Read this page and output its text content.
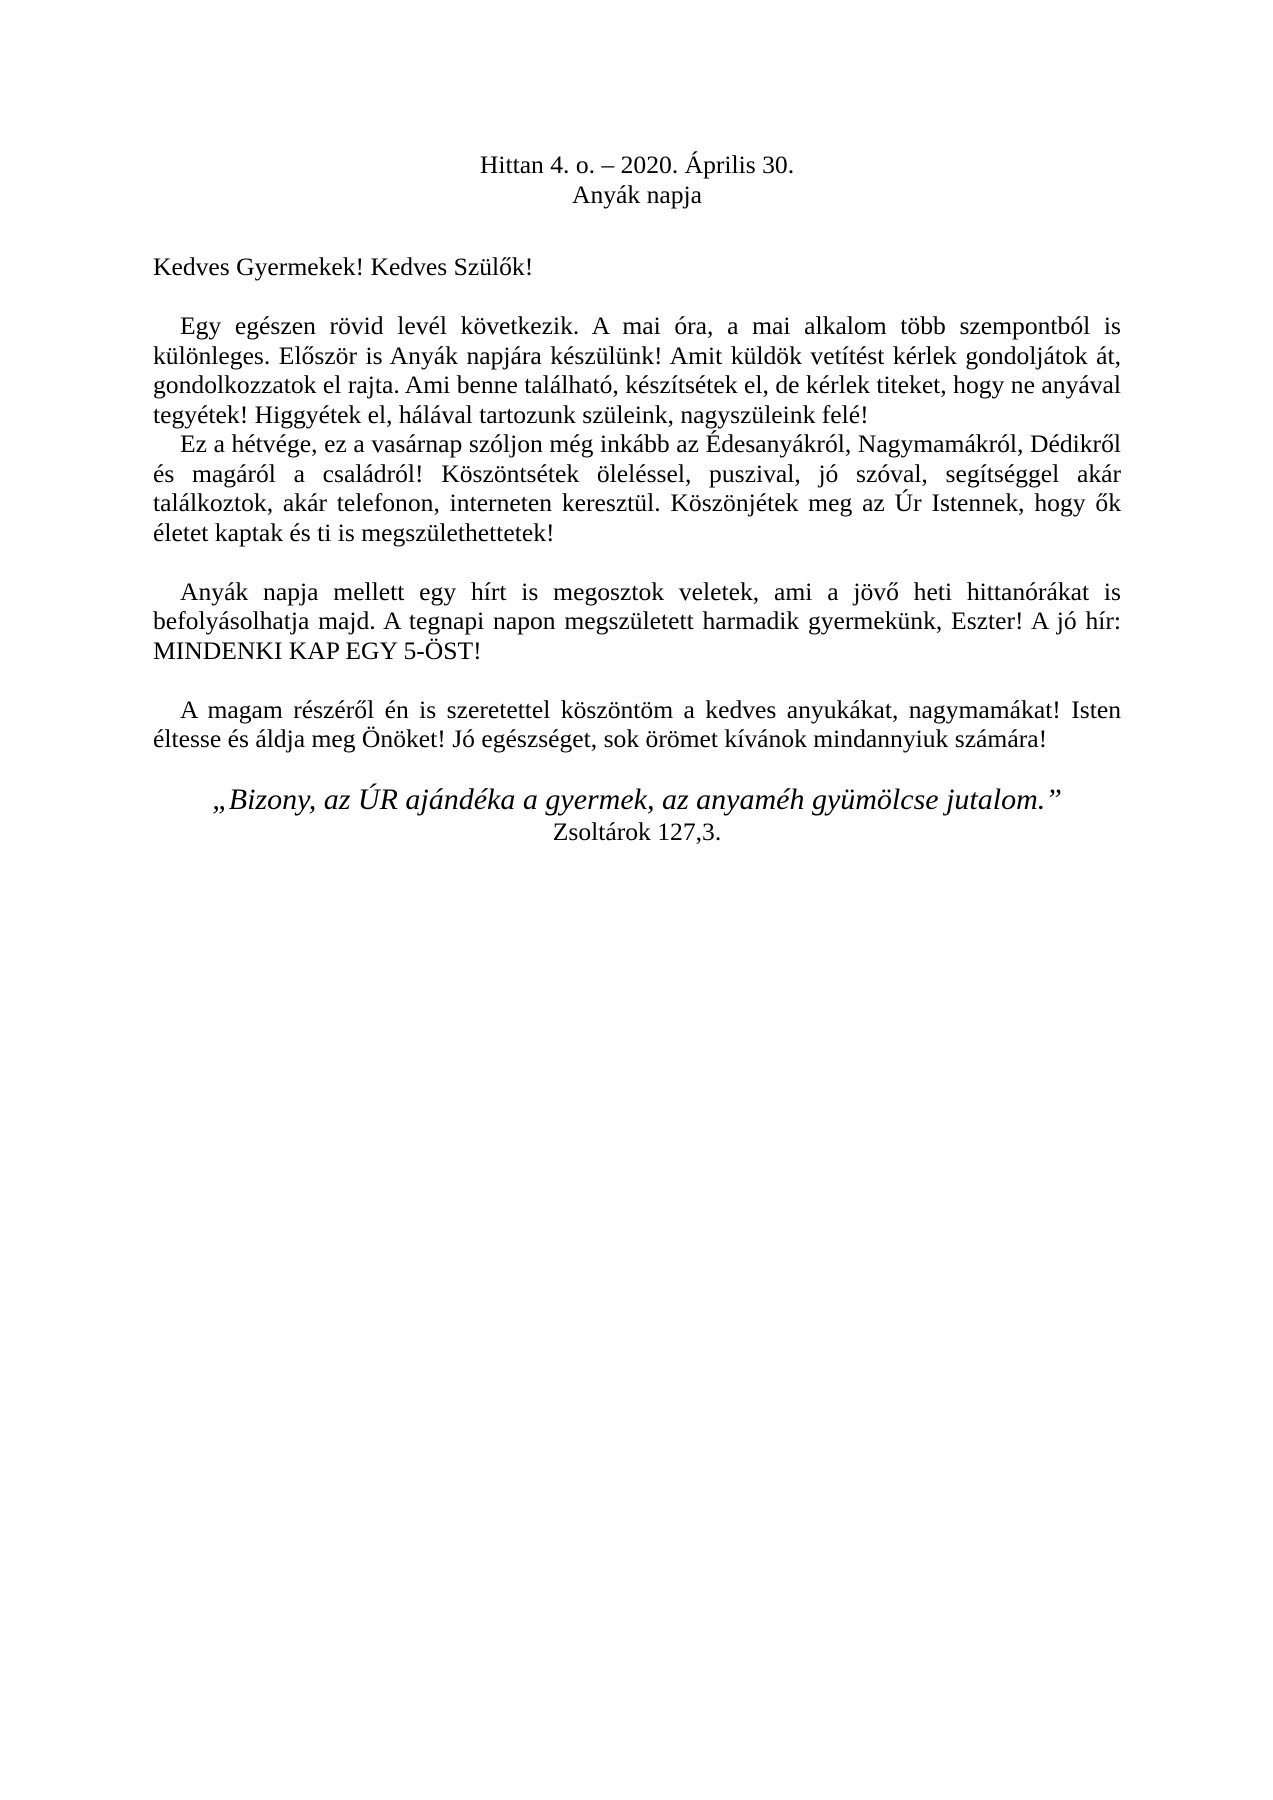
Hittan 4. o. – 2020. Április 30.
Anyák napja

Kedves Gyermekek! Kedves Szülők!

Egy egészen rövid levél következik. A mai óra, a mai alkalom több szempontból is különleges. Először is Anyák napjára készülünk! Amit küldök vetítést kérlek gondoljátok át, gondolkozzatok el rajta. Ami benne található, készítsétek el, de kérlek titeket, hogy ne anyával tegyétek! Higgyétek el, hálával tartozunk szüleink, nagyszüleink felé!

Ez a hétvége, ez a vasárnap szóljon még inkább az Édesanyákról, Nagymamákról, Dédikről és magáról a családról! Köszöntsétek öleléssel, puszival, jó szóval, segítséggel akár találkoztok, akár telefonon, interneten keresztül. Köszönjétek meg az Úr Istennek, hogy ők életet kaptak és ti is megszülethettetek!

Anyák napja mellett egy hírt is megosztok veletek, ami a jövő heti hittanórákat is befolyásolhatja majd. A tegnapi napon megszületett harmadik gyermekünk, Eszter! A jó hír: MINDENKI KAP EGY 5-ÖST!

A magam részéről én is szeretettel köszöntöm a kedves anyukákat, nagymamákat! Isten éltesse és áldja meg Önöket! Jó egészséget, sok örömet kívánok mindannyiuk számára!

„Bizony, az ÚR ajándéka a gyermek, az anyaméh gyümölcse jutalom.”

Zsoltárok 127,3.
